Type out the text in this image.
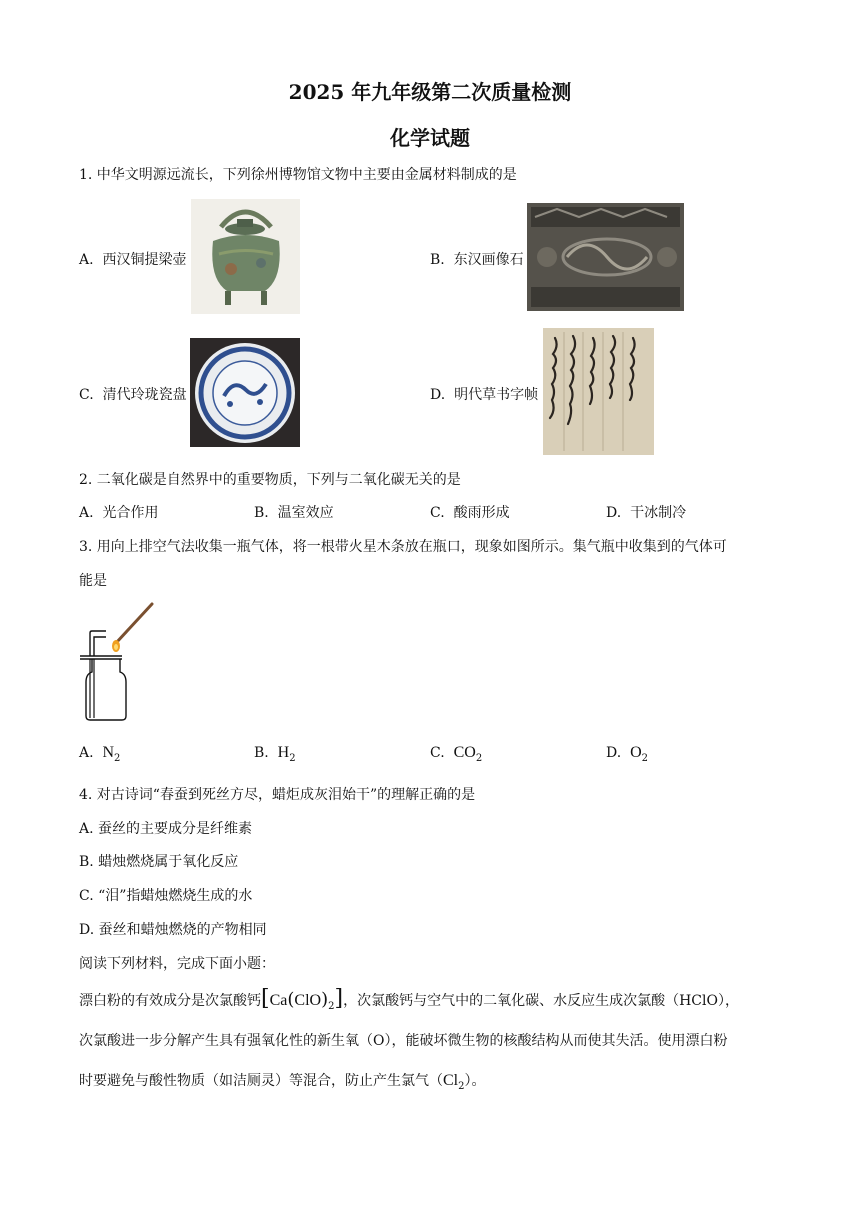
2025 年九年级第二次质量检测
化学试题
1. 中华文明源远流长，下列徐州博物馆文物中主要由金属材料制成的是
A. 西汉铜提梁壶	B. 东汉画像石
C. 清代玲珑瓷盘	D. 明代草书字帧
2. 二氧化碳是自然界中的重要物质，下列与二氧化碳无关的是
A. 光合作用	B. 温室效应	C. 酸雨形成	D. 干冰制冷
3. 用向上排空气法收集一瓶气体，将一根带火星木条放在瓶口，现象如图所示。集气瓶中收集到的气体可
能是
A. $N_2$	B. $H_2$	C. $CO_2$	D. $O_2$
4. 对古诗词“春蚕到死丝方尽，蜡炬成灰泪始干”的理解正确的是
A. 蚕丝的主要成分是纤维素
B. 蜡烛燃烧属于氧化反应
C. “泪”指蜡烛燃烧生成的水
D. 蚕丝和蜡烛燃烧的产物相同
阅读下列材料，完成下面小题：
漂白粉的有效成分是次氯酸钙$[Ca(ClO)_2]$，次氯酸钙与空气中的二氧化碳、水反应生成次氯酸（HClO），
次氯酸进一步分解产生具有强氧化性的新生氧（O），能破坏微生物的核酸结构从而使其失活。使用漂白粉
时要避免与酸性物质（如洁厕灵）等混合，防止产生氯气$(Cl_2)$。
